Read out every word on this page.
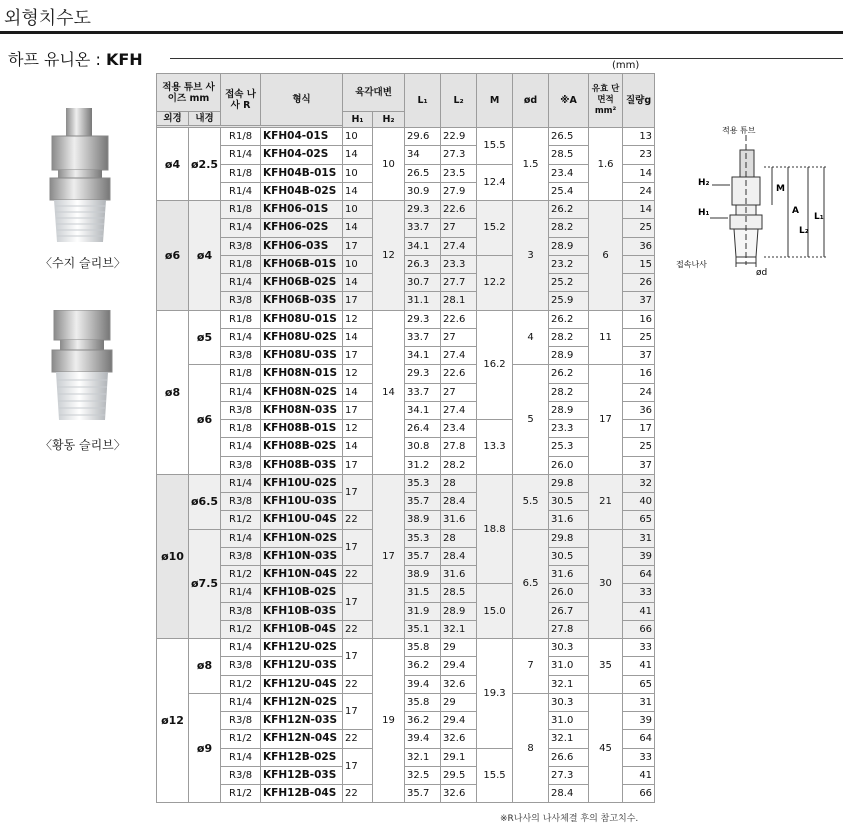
외형치수도
하프 유니온 : KFH	(mm)
〈수지 슬리브〉
〈황동 슬리브〉
적용 튜브 사이즈 mm		접속 나사 R	형식	육각대변		L₁	L₂	M	ød	※A	유효 단면적 mm²	질량g
외경	내경			H₁	H₂							

ø4	ø2.5	R1/8	KFH04-01S	10	10	29.6	22.9	15.5	1.5	26.5	1.6	13
		R1/4	KFH04-02S	14		34	27.3			28.5		23
		R1/8	KFH04B-01S	10		26.5	23.5	12.4		23.4		14
		R1/4	KFH04B-02S	14		30.9	27.9			25.4		24
ø6	ø4	R1/8	KFH06-01S	10	12	29.3	22.6	15.2	3	26.2	6	14
		R1/4	KFH06-02S	14		33.7	27			28.2		25
		R3/8	KFH06-03S	17		34.1	27.4			28.9		36
		R1/8	KFH06B-01S	10		26.3	23.3	12.2		23.2		15
		R1/4	KFH06B-02S	14		30.7	27.7			25.2		26
		R3/8	KFH06B-03S	17		31.1	28.1			25.9		37
ø8	ø5	R1/8	KFH08U-01S	12	14	29.3	22.6	16.2	4	26.2	11	16
		R1/4	KFH08U-02S	14		33.7	27			28.2		25
		R3/8	KFH08U-03S	17		34.1	27.4			28.9		37
	ø6	R1/8	KFH08N-01S	12		29.3	22.6		5	26.2	17	16
		R1/4	KFH08N-02S	14		33.7	27			28.2		24
		R3/8	KFH08N-03S	17		34.1	27.4			28.9		36
		R1/8	KFH08B-01S	12		26.4	23.4	13.3		23.3		17
		R1/4	KFH08B-02S	14		30.8	27.8			25.3		25
		R3/8	KFH08B-03S	17		31.2	28.2			26.0		37
ø10	ø6.5	R1/4	KFH10U-02S	17	17	35.3	28	18.8	5.5	29.8	21	32
		R3/8	KFH10U-03S			35.7	28.4			30.5		40
		R1/2	KFH10U-04S	22		38.9	31.6			31.6		65
	ø7.5	R1/4	KFH10N-02S	17		35.3	28		6.5	29.8	30	31
		R3/8	KFH10N-03S			35.7	28.4			30.5		39
		R1/2	KFH10N-04S	22		38.9	31.6			31.6		64
		R1/4	KFH10B-02S	17		31.5	28.5	15.0		26.0		33
		R3/8	KFH10B-03S			31.9	28.9			26.7		41
		R1/2	KFH10B-04S	22		35.1	32.1			27.8		66
ø12	ø8	R1/4	KFH12U-02S	17	19	35.8	29	19.3	7	30.3	35	33
		R3/8	KFH12U-03S			36.2	29.4			31.0		41
		R1/2	KFH12U-04S	22		39.4	32.6			32.1		65
	ø9	R1/4	KFH12N-02S	17		35.8	29		8	30.3	45	31
		R3/8	KFH12N-03S			36.2	29.4			31.0		39
		R1/2	KFH12N-04S	22		39.4	32.6			32.1		64
		R1/4	KFH12B-02S	17		32.1	29.1	15.5		26.6		33
		R3/8	KFH12B-03S			32.5	29.5			27.3		41
		R1/2	KFH12B-04S	22		35.7	32.6			28.4		66
※R나사의 나사체결 후의 참고치수.
적용 튜브
H₂
H₁
M
A
L₂
L₁
접속나사
ød
